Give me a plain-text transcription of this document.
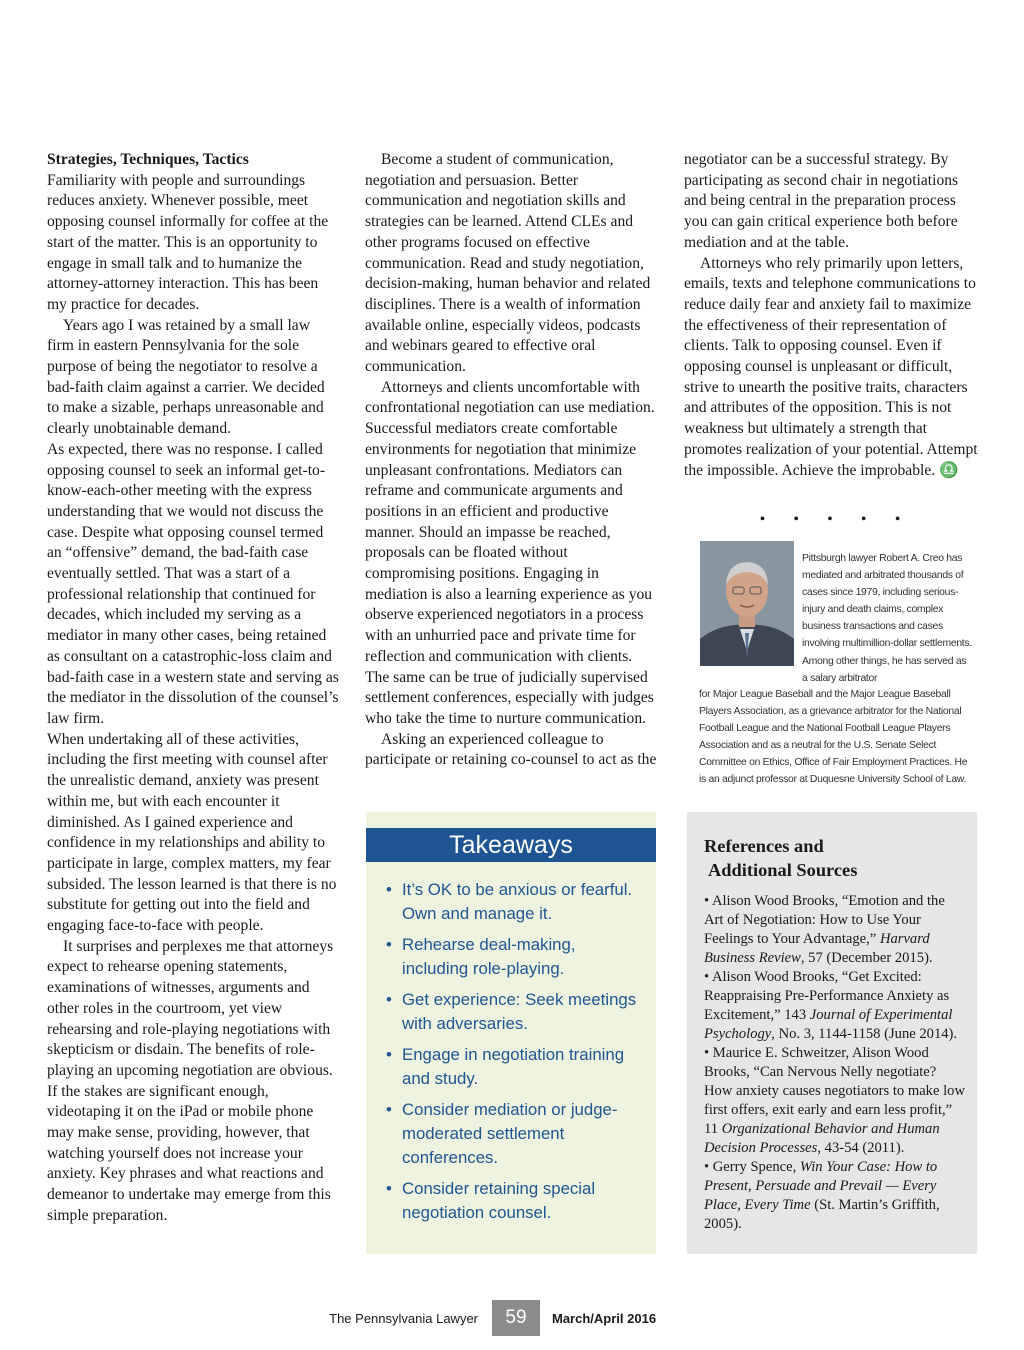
Strategies, Techniques, Tactics

Familiarity with people and surroundings reduces anxiety. Whenever possible, meet opposing counsel informally for coffee at the start of the matter. This is an opportunity to engage in small talk and to humanize the attorney-attorney interaction. This has been my practice for decades.

Years ago I was retained by a small law firm in eastern Pennsylvania for the sole purpose of being the negotiator to resolve a bad-faith claim against a carrier. We decided to make a sizable, perhaps unreasonable and clearly unobtainable demand.

As expected, there was no response. I called opposing counsel to seek an informal get-to-know-each-other meeting with the express understanding that we would not discuss the case. Despite what opposing counsel termed an “offensive” demand, the bad-faith case eventually settled. That was a start of a professional relationship that continued for decades, which included my serving as a mediator in many other cases, being retained as consultant on a catastrophic-loss claim and bad-faith case in a western state and serving as the mediator in the dissolution of the counsel’s law firm.

When undertaking all of these activities, including the first meeting with counsel after the unrealistic demand, anxiety was present within me, but with each encounter it diminished. As I gained experience and confidence in my relationships and ability to participate in large, complex matters, my fear subsided. The lesson learned is that there is no substitute for getting out into the field and engaging face-to-face with people.

It surprises and perplexes me that attorneys expect to rehearse opening statements, examinations of witnesses, arguments and other roles in the courtroom, yet view rehearsing and role-playing negotiations with skepticism or disdain. The benefits of role-playing an upcoming negotiation are obvious. If the stakes are significant enough, videotaping it on the iPad or mobile phone may make sense, providing, however, that watching yourself does not increase your anxiety. Key phrases and what reactions and demeanor to undertake may emerge from this simple preparation.

Become a student of communication, negotiation and persuasion. Better communication and negotiation skills and strategies can be learned. Attend CLEs and other programs focused on effective communication. Read and study negotiation, decision-making, human behavior and related disciplines. There is a wealth of information available online, especially videos, podcasts and webinars geared to effective oral communication.

Attorneys and clients uncomfortable with confrontational negotiation can use mediation. Successful mediators create comfortable environments for negotiation that minimize unpleasant confrontations. Mediators can reframe and communicate arguments and positions in an efficient and productive manner. Should an impasse be reached, proposals can be floated without compromising positions. Engaging in mediation is also a learning experience as you observe experienced negotiators in a process with an unhurried pace and private time for reflection and communication with clients. The same can be true of judicially supervised settlement conferences, especially with judges who take the time to nurture communication.

Asking an experienced colleague to participate or retaining co-counsel to act as the

negotiator can be a successful strategy. By participating as second chair in negotiations and being central in the preparation process you can gain critical experience both before mediation and at the table.

Attorneys who rely primarily upon letters, emails, texts and telephone communications to reduce daily fear and anxiety fail to maximize the effectiveness of their representation of clients. Talk to opposing counsel. Even if opposing counsel is unpleasant or difficult, strive to unearth the positive traits, characters and attributes of the opposition. This is not weakness but ultimately a strength that promotes realization of your potential. Attempt the impossible. Achieve the improbable. ♎

• • • • •
Pittsburgh lawyer Robert A. Creo has mediated and arbitrated thousands of cases since 1979, including serious-injury and death claims, complex business transactions and cases involving multimillion-dollar settlements. Among other things, he has served as a salary arbitrator
for Major League Baseball and the Major League Baseball Players Association, as a grievance arbitrator for the National Football League and the National Football League Players Association and as a neutral for the U.S. Senate Select Committee on Ethics, Office of Fair Employment Practices. He is an adjunct professor at Duquesne University School of Law.
Takeaways
• It’s OK to be anxious or fearful. Own and manage it.
• Rehearse deal-making, including role-playing.
• Get experience: Seek meetings with adversaries.
• Engage in negotiation training and study.
• Consider mediation or judge-moderated settlement conferences.
• Consider retaining special negotiation counsel.
References and
Additional Sources

• Alison Wood Brooks, “Emotion and the Art of Negotiation: How to Use Your Feelings to Your Advantage,” Harvard Business Review, 57 (December 2015).

• Alison Wood Brooks, “Get Excited: Reappraising Pre-Performance Anxiety as Excitement,” 143 Journal of Experimental Psychology, No. 3, 1144-1158 (June 2014).

• Maurice E. Schweitzer, Alison Wood Brooks, “Can Nervous Nelly negotiate? How anxiety causes negotiators to make low first offers, exit early and earn less profit,” 11 Organizational Behavior and Human Decision Processes, 43-54 (2011).

• Gerry Spence, Win Your Case: How to Present, Persuade and Prevail — Every Place, Every Time (St. Martin’s Griffith, 2005).

The Pennsylvania Lawyer	59	March/April 2016
